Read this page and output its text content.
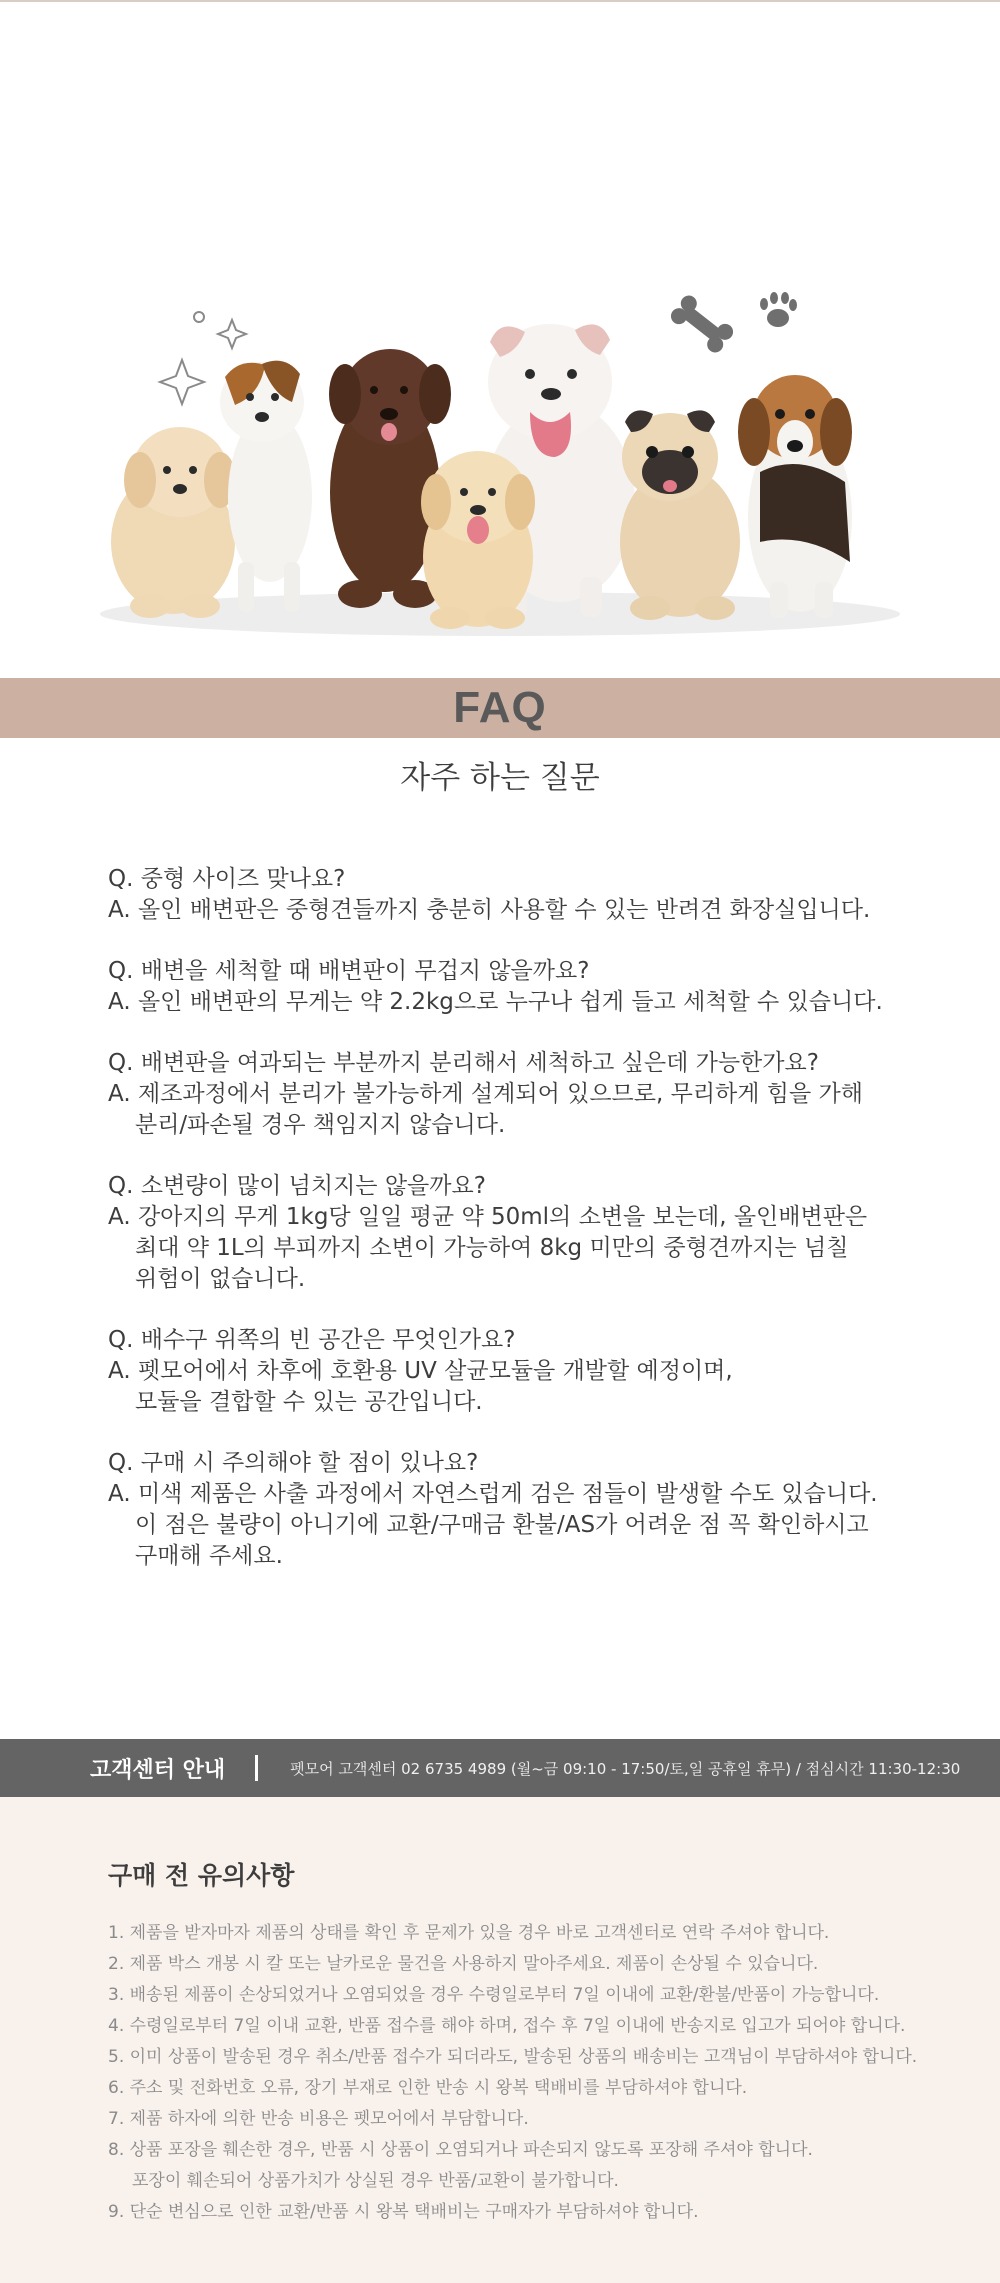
FAQ
자주 하는 질문
Q. 중형 사이즈 맞나요?
A. 올인 배변판은 중형견들까지 충분히 사용할 수 있는 반려견 화장실입니다.
Q. 배변을 세척할 때 배변판이 무겁지 않을까요?
A. 올인 배변판의 무게는 약 2.2kg으로 누구나 쉽게 들고 세척할 수 있습니다.
Q. 배변판을 여과되는 부분까지 분리해서 세척하고 싶은데 가능한가요?
A. 제조과정에서 분리가 불가능하게 설계되어 있으므로, 무리하게 힘을 가해
분리/파손될 경우 책임지지 않습니다.
Q. 소변량이 많이 넘치지는 않을까요?
A. 강아지의 무게 1kg당 일일 평균 약 50ml의 소변을 보는데, 올인배변판은
최대 약 1L의 부피까지 소변이 가능하여 8kg 미만의 중형견까지는 넘칠
위험이 없습니다.
Q. 배수구 위쪽의 빈 공간은 무엇인가요?
A. 펫모어에서 차후에 호환용 UV 살균모듈을 개발할 예정이며,
모듈을 결합할 수 있는 공간입니다.
Q. 구매 시 주의해야 할 점이 있나요?
A. 미색 제품은 사출 과정에서 자연스럽게 검은 점들이 발생할 수도 있습니다.
이 점은 불량이 아니기에 교환/구매금 환불/AS가 어려운 점 꼭 확인하시고
구매해 주세요.
고객센터 안내	펫모어 고객센터 02 6735 4989 (월~금 09:10 - 17:50/토,일 공휴일 휴무) / 점심시간 11:30-12:30
구매 전 유의사항
1. 제품을 받자마자 제품의 상태를 확인 후 문제가 있을 경우 바로 고객센터로 연락 주셔야 합니다.
2. 제품 박스 개봉 시 칼 또는 날카로운 물건을 사용하지 말아주세요. 제품이 손상될 수 있습니다.
3. 배송된 제품이 손상되었거나 오염되었을 경우 수령일로부터 7일 이내에 교환/환불/반품이 가능합니다.
4. 수령일로부터 7일 이내 교환, 반품 접수를 해야 하며, 접수 후 7일 이내에 반송지로 입고가 되어야 합니다.
5. 이미 상품이 발송된 경우 취소/반품 접수가 되더라도, 발송된 상품의 배송비는 고객님이 부담하셔야 합니다.
6. 주소 및 전화번호 오류, 장기 부재로 인한 반송 시 왕복 택배비를 부담하셔야 합니다.
7. 제품 하자에 의한 반송 비용은 펫모어에서 부담합니다.
8. 상품 포장을 훼손한 경우, 반품 시 상품이 오염되거나 파손되지 않도록 포장해 주셔야 합니다.
포장이 훼손되어 상품가치가 상실된 경우 반품/교환이 불가합니다.
9. 단순 변심으로 인한 교환/반품 시 왕복 택배비는 구매자가 부담하셔야 합니다.
